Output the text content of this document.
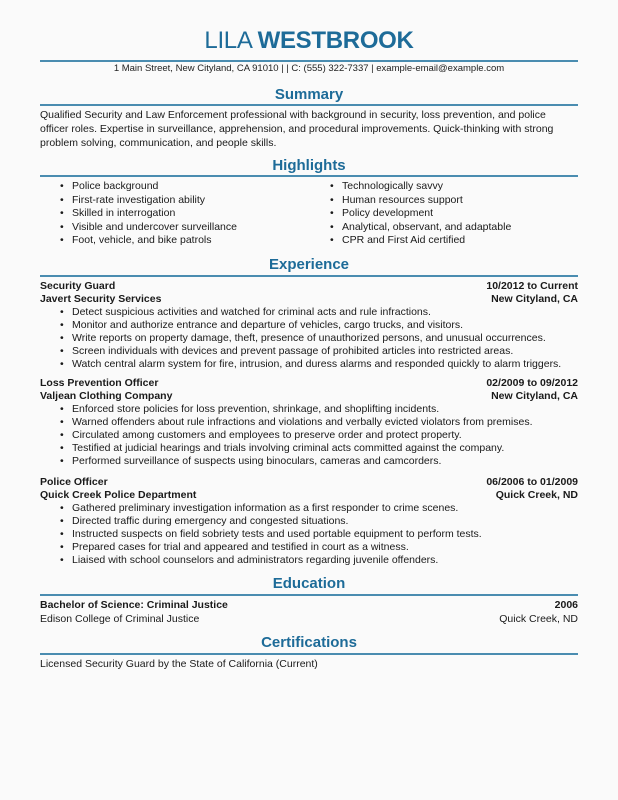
LILA WESTBROOK
1 Main Street, New Cityland, CA 91010 | | C: (555) 322-7337 | example-email@example.com
Summary
Qualified Security and Law Enforcement professional with background in security, loss prevention, and police
officer roles. Expertise in surveillance, apprehension, and procedural improvements. Quick-thinking with strong
problem solving, communication, and people skills.
Highlights
• Police background
• First-rate investigation ability
• Skilled in interrogation
• Visible and undercover surveillance
• Foot, vehicle, and bike patrols
• Technologically savvy
• Human resources support
• Policy development
• Analytical, observant, and adaptable
• CPR and First Aid certified
Experience
Security Guard	10/2012 to Current
Javert Security Services	New Cityland, CA
• Detect suspicious activities and watched for criminal acts and rule infractions.
• Monitor and authorize entrance and departure of vehicles, cargo trucks, and visitors.
• Write reports on property damage, theft, presence of unauthorized persons, and unusual occurrences.
• Screen individuals with devices and prevent passage of prohibited articles into restricted areas.
• Watch central alarm system for fire, intrusion, and duress alarms and responded quickly to alarm triggers.
Loss Prevention Officer	02/2009 to 09/2012
Valjean Clothing Company	New Cityland, CA
• Enforced store policies for loss prevention, shrinkage, and shoplifting incidents.
• Warned offenders about rule infractions and violations and verbally evicted violators from premises.
• Circulated among customers and employees to preserve order and protect property.
• Testified at judicial hearings and trials involving criminal acts committed against the company.
• Performed surveillance of suspects using binoculars, cameras and camcorders.
Police Officer	06/2006 to 01/2009
Quick Creek Police Department	Quick Creek, ND
• Gathered preliminary investigation information as a first responder to crime scenes.
• Directed traffic during emergency and congested situations.
• Instructed suspects on field sobriety tests and used portable equipment to perform tests.
• Prepared cases for trial and appeared and testified in court as a witness.
• Liaised with school counselors and administrators regarding juvenile offenders.
Education
Bachelor of Science: Criminal Justice	2006
Edison College of Criminal Justice	Quick Creek, ND
Certifications
Licensed Security Guard by the State of California (Current)
